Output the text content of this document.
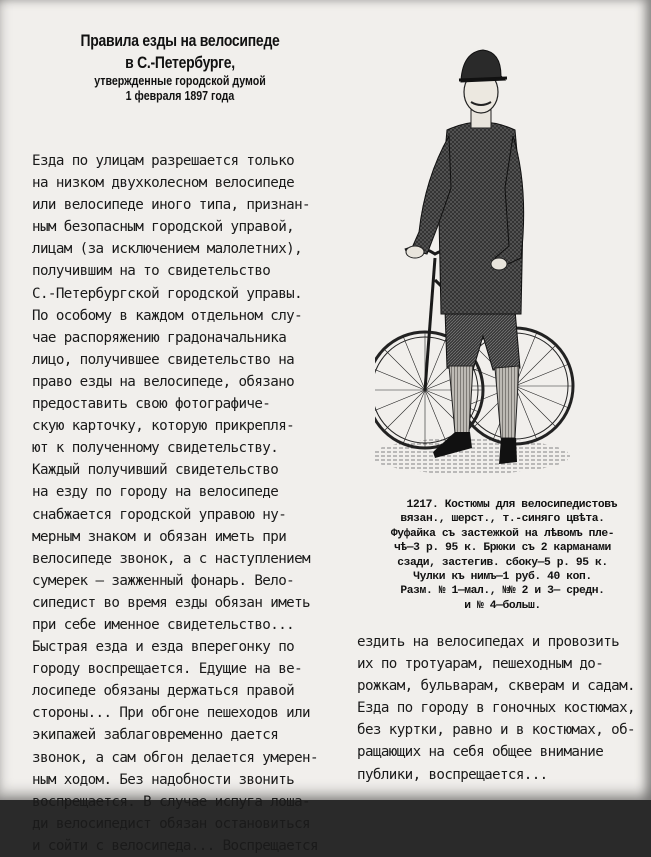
Правила езды на велосипеде
в С.-Петербурге,
утвержденные городской думой
1 февраля 1897 года
Езда по улицам разрешается только
на низком двухколесном велосипеде
или велосипеде иного типа, признан-
ным безопасным городской управой,
лицам (за исключением малолетних),
получившим на то свидетельство
С.-Петербургской городской управы.
По особому в каждом отдельном слу-
чае распоряжению градоначальника
лицо, получившее свидетельство на
право езды на велосипеде, обязано
предоставить свою фотографиче-
скую карточку, которую прикрепля-
ют к полученному свидетельству.
Каждый получивший свидетельство
на езду по городу на велосипеде
снабжается городской управою ну-
мерным знаком и обязан иметь при
велосипеде звонок, а с наступлением
сумерек – зажженный фонарь. Вело-
сипедист во время езды обязан иметь
при себе именное свидетельство...
Быстрая езда и езда вперегонку по
городу воспрещается. Едущие на ве-
лосипеде обязаны держаться правой
стороны... При обгоне пешеходов или
экипажей заблаговременно дается
звонок, а сам обгон делается умерен-
ным ходом. Без надобности звонить
воспрещается. В случае испуга лоша-
ди велосипедист обязан остановиться
и сойти с велосипеда... Воспрещается
1217. Костюмы для велосипедистовъ
вязан., шерст., т.-синяго цвѣта.
Фуфайка съ застежкой на лѣвомъ пле-
чѣ—3 р. 95 к. Брюки съ 2 карманами
сзади, застегив. сбоку—5 р. 95 к.
Чулки къ нимъ—1 руб. 40 коп.
Разм. № 1—мал., №№ 2 и 3— средн.
и № 4—больш.
ездить на велосипедах и провозить
их по тротуарам, пешеходным до-
рожкам, бульварам, скверам и садам.
Езда по городу в гоночных костюмах,
без куртки, равно и в костюмах, об-
ращающих на себя общее внимание
публики, воспрещается...
